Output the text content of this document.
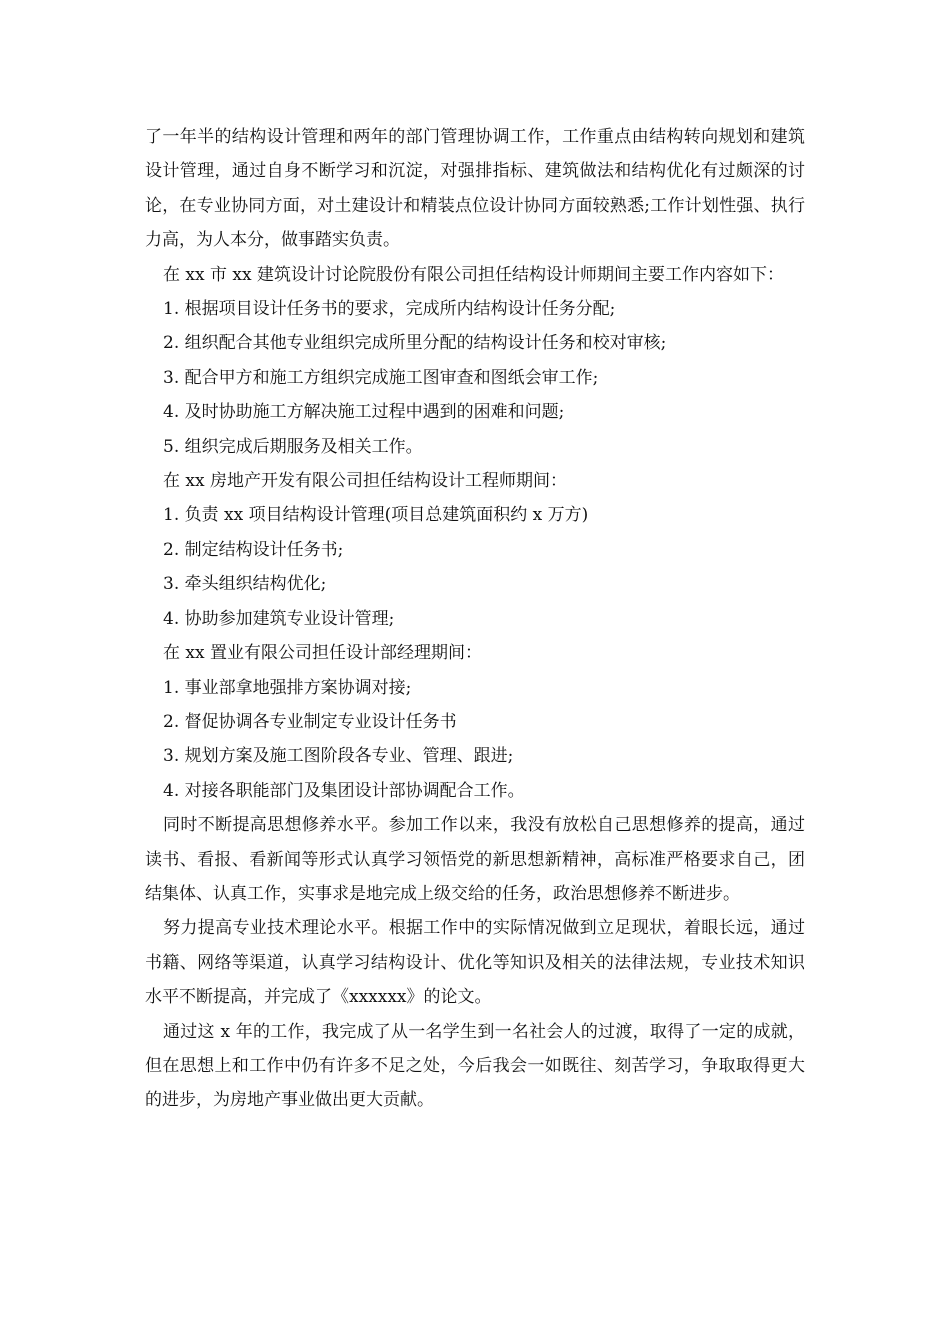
了一年半的结构设计管理和两年的部门管理协调工作，工作重点由结构转向规划和建筑设计管理，通过自身不断学习和沉淀，对强排指标、建筑做法和结构优化有过颇深的讨论，在专业协同方面，对土建设计和精装点位设计协同方面较熟悉;工作计划性强、执行力高，为人本分，做事踏实负责。

在 xx 市 xx 建筑设计讨论院股份有限公司担任结构设计师期间主要工作内容如下：

1. 根据项目设计任务书的要求，完成所内结构设计任务分配;

2. 组织配合其他专业组织完成所里分配的结构设计任务和校对审核;

3. 配合甲方和施工方组织完成施工图审查和图纸会审工作;

4. 及时协助施工方解决施工过程中遇到的困难和问题;

5. 组织完成后期服务及相关工作。

在 xx 房地产开发有限公司担任结构设计工程师期间：

1. 负责 xx 项目结构设计管理(项目总建筑面积约 x 万方)

2. 制定结构设计任务书;

3. 牵头组织结构优化;

4. 协助参加建筑专业设计管理;

在 xx 置业有限公司担任设计部经理期间：

1. 事业部拿地强排方案协调对接;

2. 督促协调各专业制定专业设计任务书

3. 规划方案及施工图阶段各专业、管理、跟进;

4. 对接各职能部门及集团设计部协调配合工作。

同时不断提高思想修养水平。参加工作以来，我没有放松自己思想修养的提高，通过读书、看报、看新闻等形式认真学习领悟党的新思想新精神，高标准严格要求自己，团结集体、认真工作，实事求是地完成上级交给的任务，政治思想修养不断进步。

努力提高专业技术理论水平。根据工作中的实际情况做到立足现状，着眼长远，通过书籍、网络等渠道，认真学习结构设计、优化等知识及相关的法律法规，专业技术知识水平不断提高，并完成了《xxxxxx》的论文。

通过这 x 年的工作，我完成了从一名学生到一名社会人的过渡，取得了一定的成就，但在思想上和工作中仍有许多不足之处，今后我会一如既往、刻苦学习，争取取得更大的进步，为房地产事业做出更大贡献。
